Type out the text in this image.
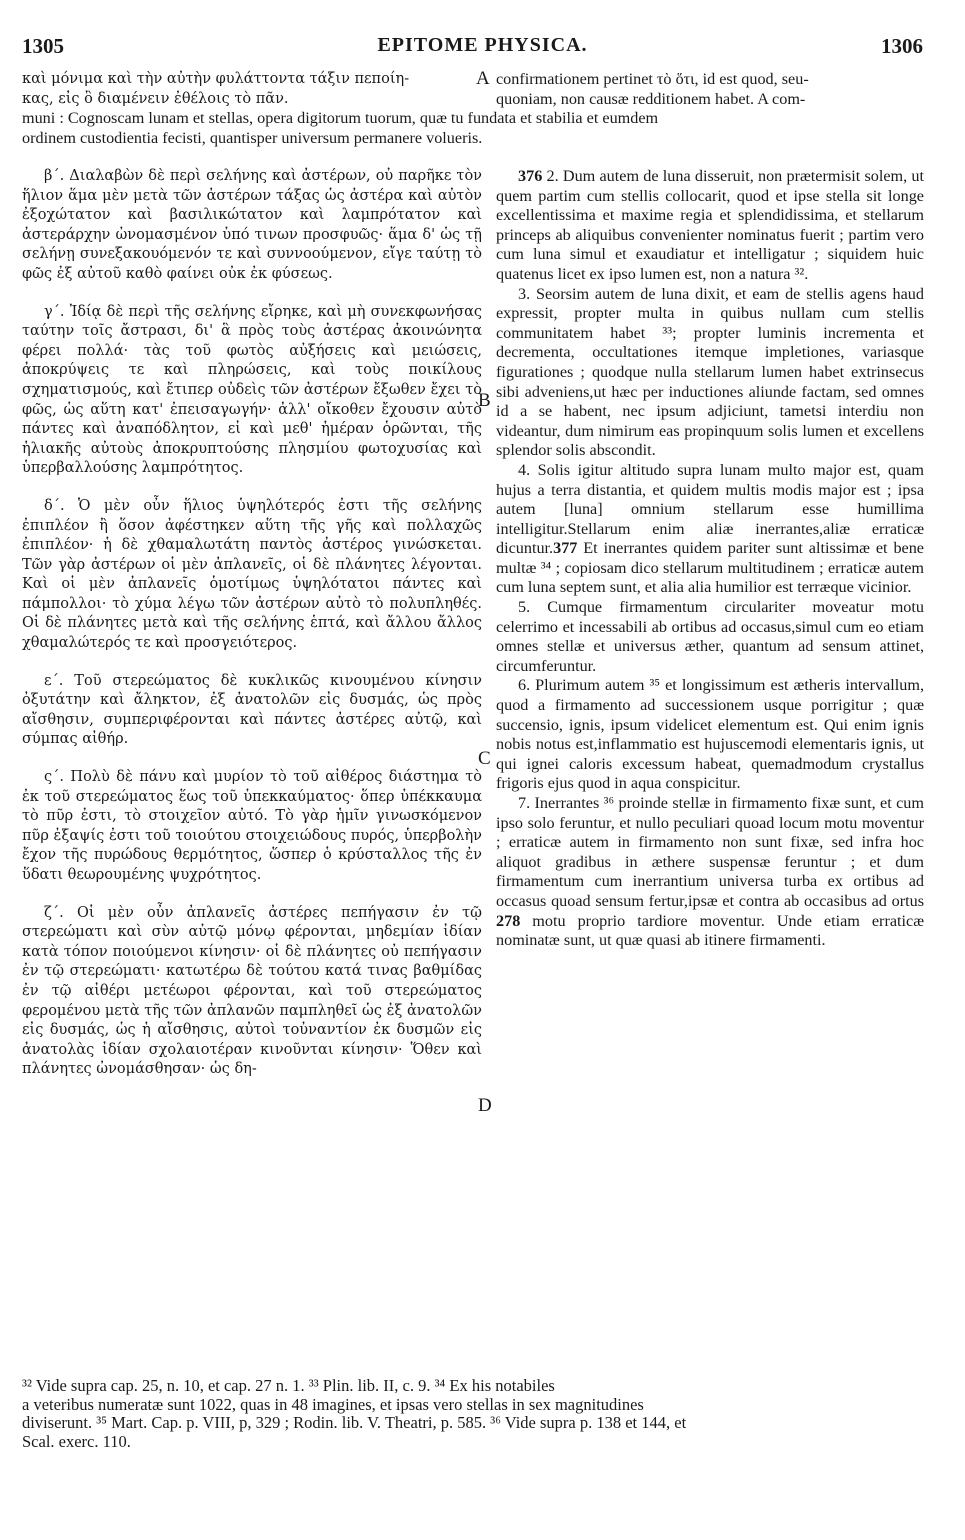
1305	EPITOME PHYSICA.	1306
καὶ μόνιμα καὶ τὴν αὐτὴν φυλάττοντα τάξιν πεποίη-	confirmationem pertinet τὸ ὅτι, id est quod, seu-
κας, εἰς ὃ διαμένειν ἐθέλοις τὸ πᾶν.	quoniam, non causæ redditionem habet. A com-
muni : Cognoscam lunam et stellas, opera digitorum tuorum, quæ tu fundata et stabilia et eumdem
ordinem custodientia fecisti, quantisper universum permanere volueris.
A
B
C
D

β΄. Διαλαβὼν δὲ περὶ σελήνης καὶ ἀστέρων, οὐ παρῆκε τὸν ἥλιον ἅμα μὲν μετὰ τῶν ἀστέρων τάξας ὡς ἀστέρα καὶ αὐτὸν ἐξοχώτατον καὶ βασιλικώτατον καὶ λαμπρότατον καὶ ἀστεράρχην ὠνομασμένον ὑπό τινων προσφυῶς· ἅμα δ' ὡς τῇ σελήνῃ συνεξακουόμενόν τε καὶ συννοούμενον, εἴγε ταύτῃ τὸ φῶς ἐξ αὐτοῦ καθὸ φαίνει οὐκ ἐκ φύσεως.

γ΄. Ἰδίᾳ δὲ περὶ τῆς σελήνης εἴρηκε, καὶ μὴ συνεκφωνήσας ταύτην τοῖς ἄστρασι, δι' ἃ πρὸς τοὺς ἀστέρας ἀκοινώνητα φέρει πολλά· τὰς τοῦ φωτὸς αὐξήσεις καὶ μειώσεις, ἀποκρύψεις τε καὶ πληρώσεις, καὶ τοὺς ποικίλους σχηματισμούς, καὶ ἔτιπερ οὐδεὶς τῶν ἀστέρων ἔξωθεν ἔχει τὸ φῶς, ὡς αὕτη κατ' ἐπεισαγωγήν· ἀλλ' οἴκοθεν ἔχουσιν αὐτὸ πάντες καὶ ἀναπόδλητον, εἰ καὶ μεθ' ἡμέραν ὁρῶνται, τῆς ἡλιακῆς αὐτοὺς ἀποκρυπτούσης πλησμίου φωτοχυσίας καὶ ὑπερβαλλούσης λαμπρότητος.

δ΄. Ὁ μὲν οὖν ἥλιος ὑψηλότερός ἐστι τῆς σελήνης ἐπιπλέον ἢ ὅσον ἀφέστηκεν αὕτη τῆς γῆς καὶ πολλαχῶς ἐπιπλέον· ἡ δὲ χθαμαλωτάτη παντὸς ἀστέρος γινώσκεται. Τῶν γὰρ ἀστέρων οἱ μὲν ἀπλανεῖς, οἱ δὲ πλάνητες λέγονται. Καὶ οἱ μὲν ἀπλανεῖς ὁμοτίμως ὑψηλότατοι πάντες καὶ πάμπολλοι· τὸ χύμα λέγω τῶν ἀστέρων αὐτὸ τὸ πολυπληθές. Οἱ δὲ πλάνητες μετὰ καὶ τῆς σελήνης ἑπτά, καὶ ἄλλου ἄλλος χθαμαλώτερός τε καὶ προσγειότερος.

ε΄. Τοῦ στερεώματος δὲ κυκλικῶς κινουμένου κίνησιν ὀξυτάτην καὶ ἄληκτον, ἐξ ἀνατολῶν εἰς δυσμάς, ὡς πρὸς αἴσθησιν, συμπεριφέρονται καὶ πάντες ἀστέρες αὐτῷ, καὶ σύμπας αἰθήρ.

ς΄. Πολὺ δὲ πάνυ καὶ μυρίον τὸ τοῦ αἰθέρος διάστημα τὸ ἐκ τοῦ στερεώματος ἕως τοῦ ὑπεκκαύματος· ὅπερ ὑπέκκαυμα τὸ πῦρ ἐστι, τὸ στοιχεῖον αὐτό. Τὸ γὰρ ἡμῖν γινωσκόμενον πῦρ ἐξαψίς ἐστι τοῦ τοιούτου στοιχειώδους πυρός, ὑπερβολὴν ἔχον τῆς πυρώδους θερμότητος, ὥσπερ ὁ κρύσταλλος τῆς ἐν ὕδατι θεωρουμένης ψυχρότητος.

ζ΄. Οἱ μὲν οὖν ἀπλανεῖς ἀστέρες πεπήγασιν ἐν τῷ στερεώματι καὶ σὺν αὐτῷ μόνῳ φέρονται, μηδεμίαν ἰδίαν κατὰ τόπον ποιούμενοι κίνησιν· οἱ δὲ πλάνητες οὐ πεπήγασιν ἐν τῷ στερεώματι· κατωτέρω δὲ τούτου κατά τινας βαθμίδας ἐν τῷ αἰθέρι μετέωροι φέρονται, καὶ τοῦ στερεώματος φερομένου μετὰ τῆς τῶν ἀπλανῶν παμπληθεῖ ὡς ἐξ ἀνατολῶν εἰς δυσμάς, ὡς ἡ αἴσθησις, αὐτοὶ τοὐναντίον ἐκ δυσμῶν εἰς ἀνατολὰς ἰδίαν σχολαιοτέραν κινοῦνται κίνησιν· Ὅθεν καὶ πλάνητες ὠνομάσθησαν· ὡς δη-

376 2. Dum autem de luna disseruit, non prætermisit solem, ut quem partim cum stellis collocarit, quod et ipse stella sit longe excellentissima et maxime regia et splendidissima, et stellarum princeps ab aliquibus convenienter nominatus fuerit ; partim vero cum luna simul et exaudiatur et intelligatur ; siquidem huic quatenus licet ex ipso lumen est, non a natura ³².

3. Seorsim autem de luna dixit, et eam de stellis agens haud expressit, propter multa in quibus nullam cum stellis communitatem habet ³³; propter luminis incrementa et decrementa, occultationes itemque impletiones, variasque figurationes ; quodque nulla stellarum lumen habet extrinsecus sibi adveniens,ut hæc per inductiones aliunde factam, sed omnes id a se habent, nec ipsum adjiciunt, tametsi interdiu non videantur, dum nimirum eas propinquum solis lumen et excellens splendor solis abscondit.

4. Solis igitur altitudo supra lunam multo major est, quam hujus a terra distantia, et quidem multis modis major est ; ipsa autem [luna] omnium stellarum esse humillima intelligitur.Stellarum enim aliæ inerrantes,aliæ erraticæ dicuntur.377 Et inerrantes quidem pariter sunt altissimæ et bene multæ ³⁴ ; copiosam dico stellarum multitudinem ; erraticæ autem cum luna septem sunt, et alia alia humilior est terræque vicinior.

5. Cumque firmamentum circulariter moveatur motu celerrimo et incessabili ab ortibus ad occasus,simul cum eo etiam omnes stellæ et universus æther, quantum ad sensum attinet, circumferuntur.

6. Plurimum autem ³⁵ et longissimum est ætheris intervallum, quod a firmamento ad successionem usque porrigitur ; quæ succensio, ignis, ipsum videlicet elementum est. Qui enim ignis nobis notus est,inflammatio est hujuscemodi elementaris ignis, ut qui ignei caloris excessum habeat, quemadmodum crystallus frigoris ejus quod in aqua conspicitur.

7. Inerrantes ³⁶ proinde stellæ in firmamento fixæ sunt, et cum ipso solo feruntur, et nullo peculiari quoad locum motu moventur ; erraticæ autem in firmamento non sunt fixæ, sed infra hoc aliquot gradibus in æthere suspensæ feruntur ; et dum firmamentum cum inerrantium universa turba ex ortibus ad occasus quoad sensum fertur,ipsæ et contra ab occasibus ad ortus 278 motu proprio tardiore moventur. Unde etiam erraticæ nominatæ sunt, ut quæ quasi ab itinere firmamenti.

³² Vide supra cap. 25, n. 10, et cap. 27 n. 1. ³³ Plin. lib. II, c. 9. ³⁴ Ex his notabiles
a veteribus numeratæ sunt 1022, quas in 48 imagines, et ipsas vero stellas in sex magnitudines
diviserunt. ³⁵ Mart. Cap. p. VIII, p, 329 ; Rodin. lib. V. Theatri, p. 585. ³⁶ Vide supra p. 138 et 144, et
Scal. exerc. 110.
